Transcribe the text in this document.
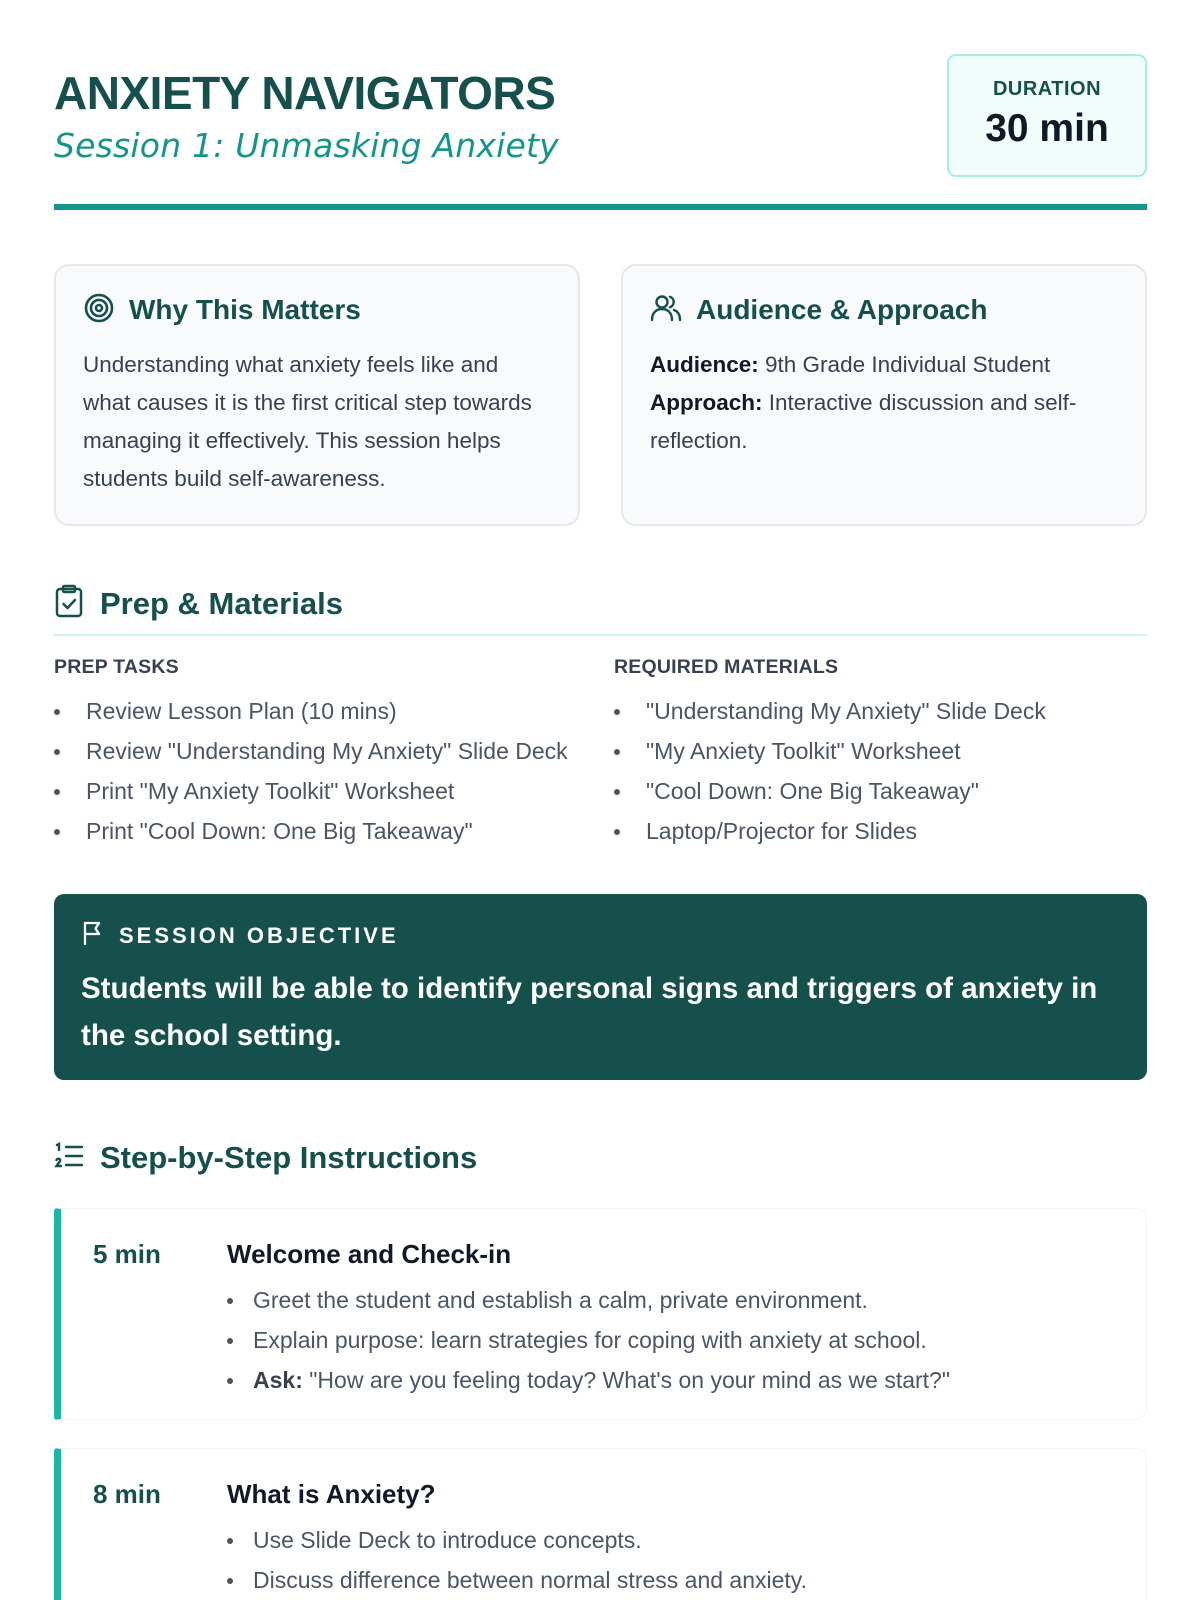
ANXIETY NAVIGATORS
Session 1: Unmasking Anxiety
DURATION
30 min
Why This Matters

Understanding what anxiety feels like and what causes it is the first critical step towards managing it effectively. This session helps students build self-awareness.

Audience & Approach
Audience: 9th Grade Individual Student
Approach: Interactive discussion and self-reflection.
Prep & Materials
PREP TASKS
Review Lesson Plan (10 mins)
Review "Understanding My Anxiety" Slide Deck
Print "My Anxiety Toolkit" Worksheet
Print "Cool Down: One Big Takeaway"
REQUIRED MATERIALS
"Understanding My Anxiety" Slide Deck
"My Anxiety Toolkit" Worksheet
"Cool Down: One Big Takeaway"
Laptop/Projector for Slides
SESSION OBJECTIVE

Students will be able to identify personal signs and triggers of anxiety in the school setting.

Step-by-Step Instructions
5 min	Welcome and Check-in
Greet the student and establish a calm, private environment.
Explain purpose: learn strategies for coping with anxiety at school.
Ask: "How are you feeling today? What's on your mind as we start?"
8 min	What is Anxiety?
Use Slide Deck to introduce concepts.
Discuss difference between normal stress and anxiety.
